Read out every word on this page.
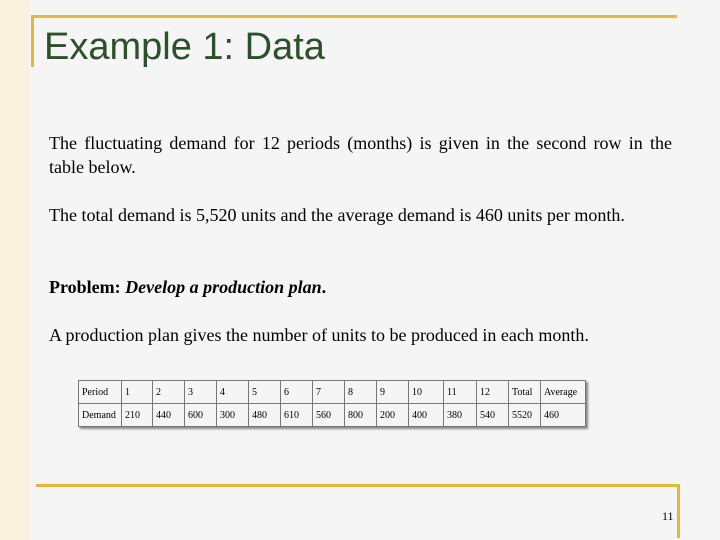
Example 1: Data
The fluctuating demand for 12 periods (months) is given in the second row in the table below.
The total demand is 5,520 units and the average demand is 460 units per month.
Problem: Develop a production plan.
A production plan gives the number of units to be produced in each month.
Period	1	2	3	4	5	6	7	8	9	10	11	12	Total	Average
Demand	210	440	600	300	480	610	560	800	200	400	380	540	5520	460
11
